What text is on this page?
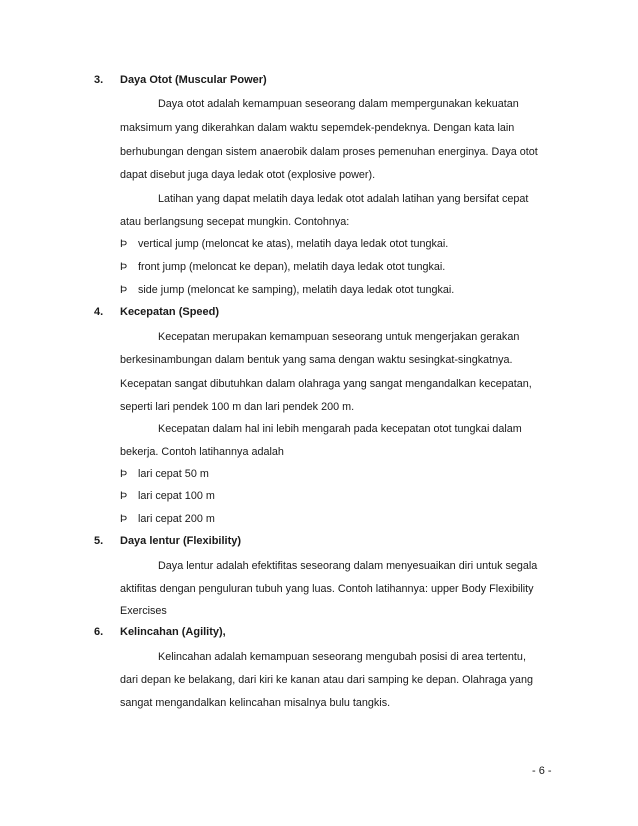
3. Daya Otot (Muscular Power)
Daya otot adalah kemampuan seseorang dalam mempergunakan kekuatan
maksimum yang dikerahkan dalam waktu sepemdek-pendeknya. Dengan kata lain
berhubungan dengan sistem anaerobik dalam proses pemenuhan energinya. Daya otot
dapat disebut juga daya ledak otot (explosive power).
Latihan yang dapat melatih daya ledak otot adalah latihan yang bersifat cepat
atau berlangsung secepat mungkin. Contohnya:
Þ vertical jump (meloncat ke atas), melatih daya ledak otot tungkai.
Þ front jump (meloncat ke depan), melatih daya ledak otot tungkai.
Þ side jump (meloncat ke samping), melatih daya ledak otot tungkai.
4. Kecepatan (Speed)
Kecepatan merupakan kemampuan seseorang untuk mengerjakan gerakan
berkesinambungan dalam bentuk yang sama dengan waktu sesingkat-singkatnya.
Kecepatan sangat dibutuhkan dalam olahraga yang sangat mengandalkan kecepatan,
seperti lari pendek 100 m dan lari pendek 200 m.
Kecepatan dalam hal ini lebih mengarah pada kecepatan otot tungkai dalam
bekerja. Contoh latihannya adalah
Þ lari cepat 50 m
Þ lari cepat 100 m
Þ lari cepat 200 m
5. Daya lentur (Flexibility)
Daya lentur adalah efektifitas seseorang dalam menyesuaikan diri untuk segala
aktifitas dengan penguluran tubuh yang luas. Contoh latihannya: upper Body Flexibility
Exercises
6. Kelincahan (Agility),
Kelincahan adalah kemampuan seseorang mengubah posisi di area tertentu,
dari depan ke belakang, dari kiri ke kanan atau dari samping ke depan. Olahraga yang
sangat mengandalkan kelincahan misalnya bulu tangkis.
- 6 -
